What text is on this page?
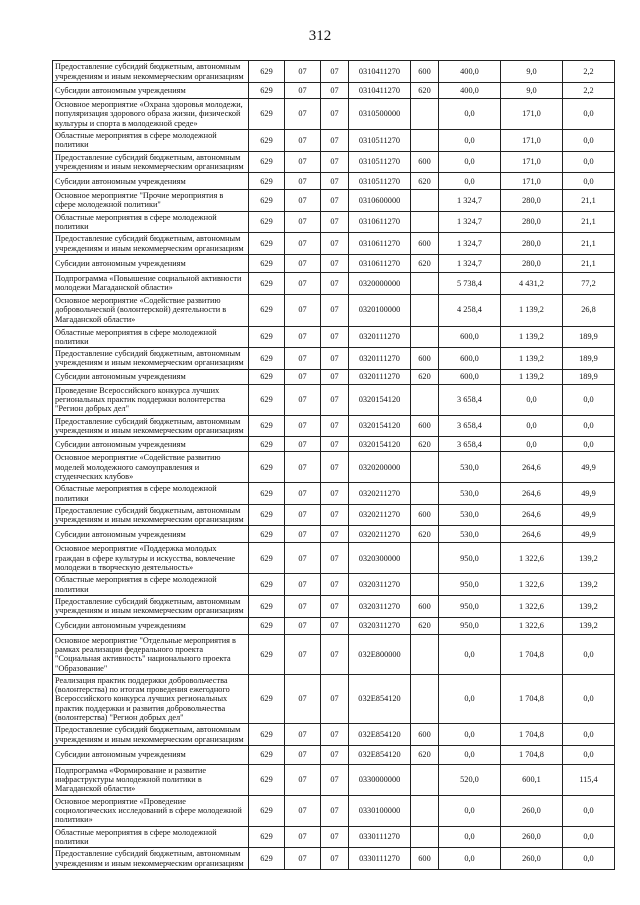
312
Предоставление субсидий бюджетным, автономным учреждениям и иным некоммерческим организациям	629	07	07	0310411270	600	400,0	9,0	2,2
Субсидии автономным учреждениям	629	07	07	0310411270	620	400,0	9,0	2,2
Основное мероприятие «Охрана здоровья молодежи, популяризация здорового образа жизни, физической культуры и спорта в молодежной среде»	629	07	07	0310500000		0,0	171,0	0,0
Областные мероприятия в сфере молодежной политики	629	07	07	0310511270		0,0	171,0	0,0
Предоставление субсидий бюджетным, автономным учреждениям и иным некоммерческим организациям	629	07	07	0310511270	600	0,0	171,0	0,0
Субсидии автономным учреждениям	629	07	07	0310511270	620	0,0	171,0	0,0
Основное мероприятие "Прочие мероприятия в сфере молодежной политики"	629	07	07	0310600000		1 324,7	280,0	21,1
Областные мероприятия в сфере молодежной политики	629	07	07	0310611270		1 324,7	280,0	21,1
Предоставление субсидий бюджетным, автономным учреждениям и иным некоммерческим организациям	629	07	07	0310611270	600	1 324,7	280,0	21,1
Субсидии автономным учреждениям	629	07	07	0310611270	620	1 324,7	280,0	21,1
Подпрограмма «Повышение социальной активности молодежи Магаданской области»	629	07	07	0320000000		5 738,4	4 431,2	77,2
Основное мероприятие «Содействие развитию добровольческой (волонтерской) деятельности в Магаданской области»	629	07	07	0320100000		4 258,4	1 139,2	26,8
Областные мероприятия в сфере молодежной политики	629	07	07	0320111270		600,0	1 139,2	189,9
Предоставление субсидий бюджетным, автономным учреждениям и иным некоммерческим организациям	629	07	07	0320111270	600	600,0	1 139,2	189,9
Субсидии автономным учреждениям	629	07	07	0320111270	620	600,0	1 139,2	189,9
Проведение Всероссийского конкурса лучших региональных практик поддержки волонтерства "Регион добрых дел"	629	07	07	0320154120		3 658,4	0,0	0,0
Предоставление субсидий бюджетным, автономным учреждениям и иным некоммерческим организациям	629	07	07	0320154120	600	3 658,4	0,0	0,0
Субсидии автономным учреждениям	629	07	07	0320154120	620	3 658,4	0,0	0,0
Основное мероприятие «Содействие развитию моделей молодежного самоуправления и студенческих клубов»	629	07	07	0320200000		530,0	264,6	49,9
Областные мероприятия в сфере молодежной политики	629	07	07	0320211270		530,0	264,6	49,9
Предоставление субсидий бюджетным, автономным учреждениям и иным некоммерческим организациям	629	07	07	0320211270	600	530,0	264,6	49,9
Субсидии автономным учреждениям	629	07	07	0320211270	620	530,0	264,6	49,9
Основное мероприятие «Поддержка молодых граждан в сфере культуры и искусства, вовлечение молодежи в творческую деятельность»	629	07	07	0320300000		950,0	1 322,6	139,2
Областные мероприятия в сфере молодежной политики	629	07	07	0320311270		950,0	1 322,6	139,2
Предоставление субсидий бюджетным, автономным учреждениям и иным некоммерческим организациям	629	07	07	0320311270	600	950,0	1 322,6	139,2
Субсидии автономным учреждениям	629	07	07	0320311270	620	950,0	1 322,6	139,2
Основное мероприятие "Отдельные мероприятия в рамках реализации федерального проекта "Социальная активность" национального проекта "Образование"	629	07	07	032Е800000		0,0	1 704,8	0,0
Реализация практик поддержки добровольчества (волонтерства) по итогам проведения ежегодного Всероссийского конкурса лучших региональных практик поддержки и развития добровольчества (волонтерства) "Регион добрых дел"	629	07	07	032Е854120		0,0	1 704,8	0,0
Предоставление субсидий бюджетным, автономным учреждениям и иным некоммерческим организациям	629	07	07	032Е854120	600	0,0	1 704,8	0,0
Субсидии автономным учреждениям	629	07	07	032Е854120	620	0,0	1 704,8	0,0
Подпрограмма «Формирование и развитие инфраструктуры молодежной политики в Магаданской области»	629	07	07	0330000000		520,0	600,1	115,4
Основное мероприятие «Проведение социологических исследований в сфере молодежной политики»	629	07	07	0330100000		0,0	260,0	0,0
Областные мероприятия в сфере молодежной политики	629	07	07	0330111270		0,0	260,0	0,0
Предоставление субсидий бюджетным, автономным учреждениям и иным некоммерческим организациям	629	07	07	0330111270	600	0,0	260,0	0,0
